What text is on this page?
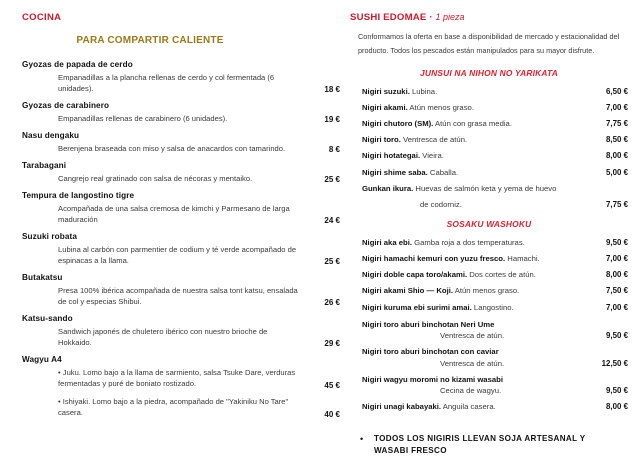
COCINA
PARA COMPARTIR CALIENTE
Gyozas de papada de cerdo
Empanadillas a la plancha rellenas de cerdo y col fermentada (6 unidades).	18 €
Gyozas de carabinero
Empanadillas rellenas de carabinero (6 unidades).	19 €
Nasu dengaku
Berenjena braseada con miso y salsa de anacardos con tamarindo.	8 €
Tarabagani
Cangrejo real gratinado con salsa de nécoras y mentaiko.	25 €
Tempura de langostino tigre
Acompañada de una salsa cremosa de kimchi y Parmesano de larga maduración	24 €
Suzuki robata
Lubina al carbón con parmentier de codium y té verde acompañado de espinacas a la llama.	25 €
Butakatsu
Presa 100% ibérica acompañada de nuestra salsa tont katsu, ensalada de col y especias Shibui.	26 €
Katsu-sando
Sandwich japonés de chuletero ibérico con nuestro brioche de Hokkaido.	29 €
Wagyu A4
• Juku. Lomo bajo a la llama de sarmiento, salsa Tsuke Dare, verduras fermentadas y puré de boniato rostizado.	45 €
• Ishiyaki. Lomo bajo a la piedra, acompañado de "Yakiniku No Tare" casera.	40 €
SUSHI EDOMAE · 1 pieza
Conformamos la oferta en base a disponibilidad de mercado y estacionalidad del producto. Todos los pescados están manipulados para su mayor disfrute.
JUNSUI NA NIHON NO YARIKATA
Nigiri suzuki. Lubina.	6,50 €
Nigiri akami. Atún menos graso.	7,00 €
Nigiri chutoro (SM). Atún con grasa media.	7,75 €
Nigiri toro. Ventresca de atún.	8,50 €
Nigiri hotategai. Vieira.	8,00 €
Nigiri shime saba. Caballa.	5,00 €
Gunkan ikura. Huevas de salmón keta y yema de huevo
de codorniz.	7,75 €
SOSAKU WASHOKU
Nigiri aka ebi. Gamba roja a dos temperaturas.	9,50 €
Nigiri hamachi kemuri con yuzu fresco. Hamachi.	7,00 €
Nigiri doble capa toro/akami. Dos cortes de atún.	8,00 €
Nigiri akami Shio — Koji. Atún menos graso.	7,50 €
Nigiri kuruma ebi surimi amai. Langostino.	7,00 €
Nigiri toro aburi binchotan Neri Ume
Ventresca de atún.	9,50 €
Nigiri toro aburi binchotan con caviar
Ventresca de atún.	12,50 €
Nigiri wagyu moromi no kizami wasabi
Cecina de wagyu.	9,50 €
Nigiri unagi kabayaki. Anguila casera.	8,00 €
•	TODOS LOS NIGIRIS LLEVAN SOJA ARTESANAL Y WASABI FRESCO
